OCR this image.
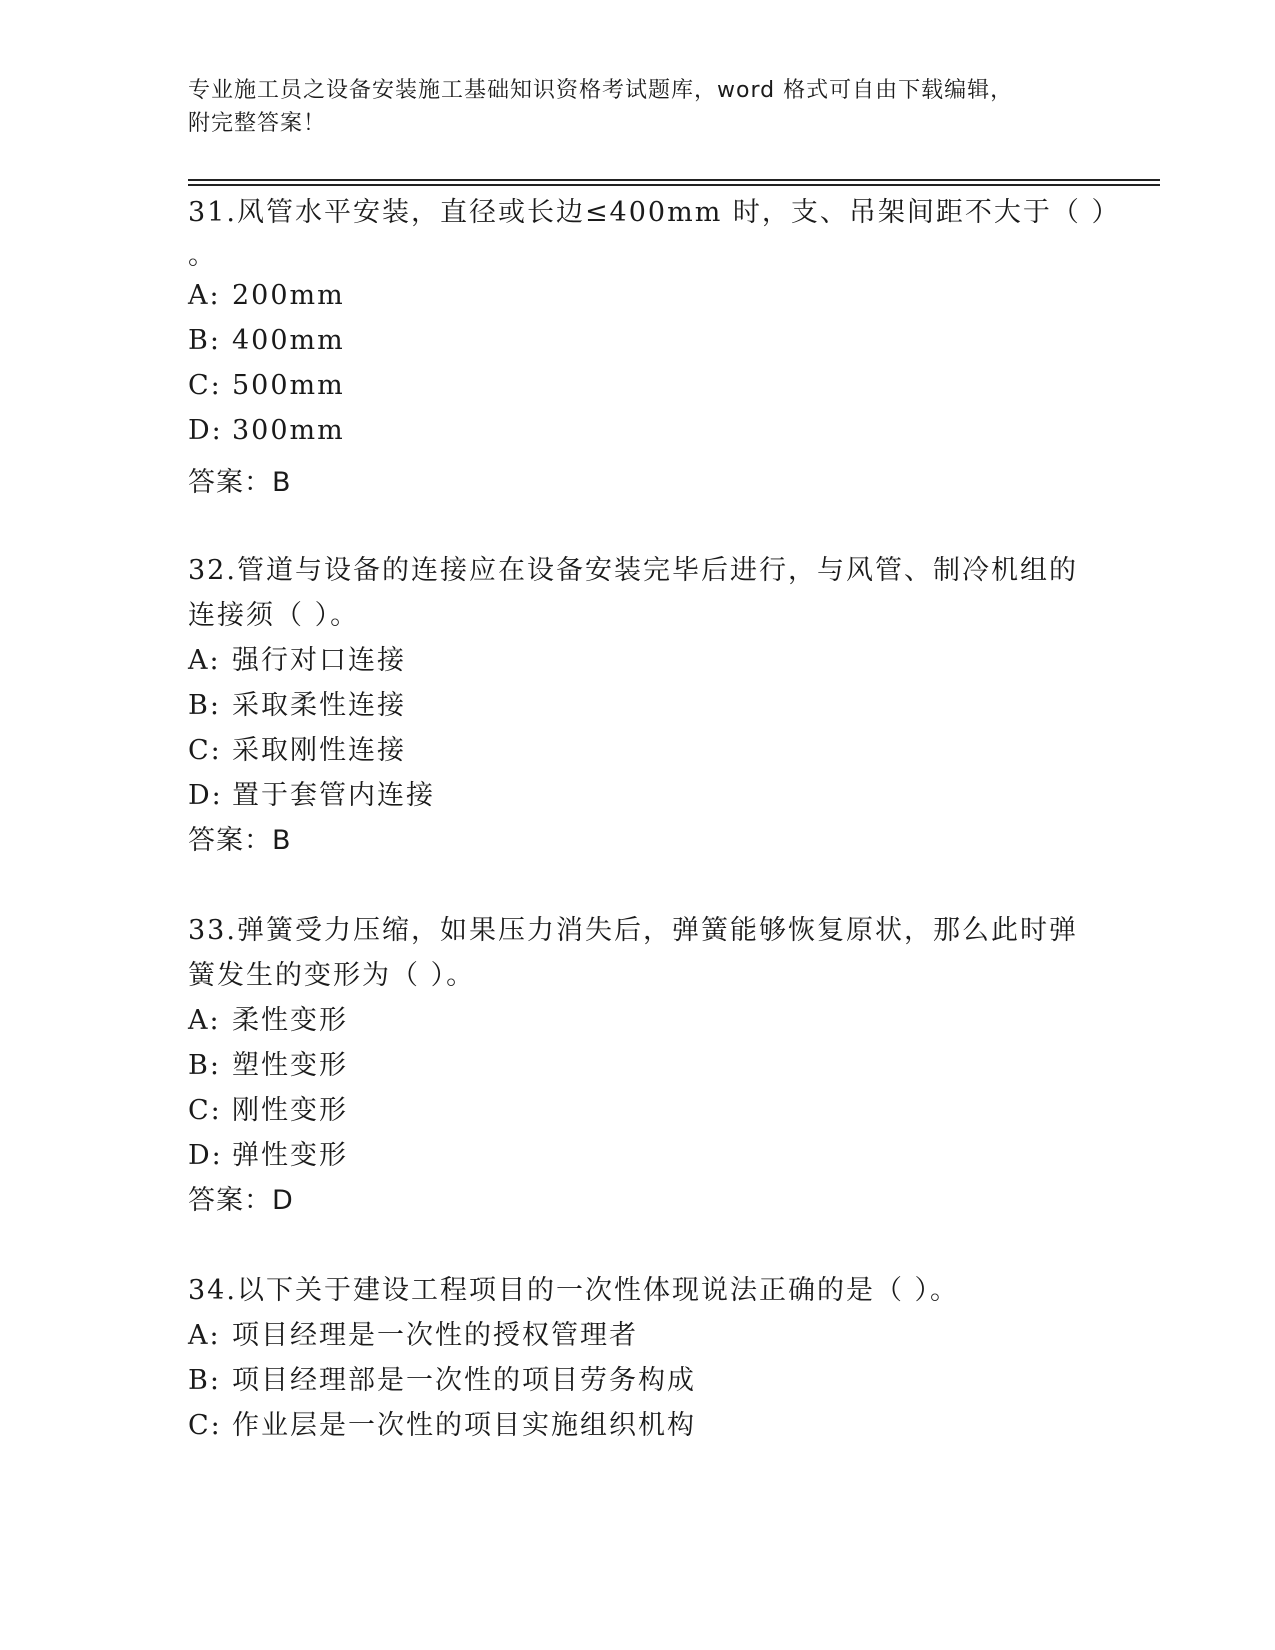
专业施工员之设备安装施工基础知识资格考试题库，word 格式可自由下载编辑，
附完整答案！
31.风管水平安装，直径或长边≤400mm 时，支、吊架间距不大于（ ）
。
A: 200mm
B: 400mm
C: 500mm
D: 300mm
答案：B
32.管道与设备的连接应在设备安装完毕后进行，与风管、制冷机组的
连接须（ ）。
A: 强行对口连接
B: 采取柔性连接
C: 采取刚性连接
D: 置于套管内连接
答案：B
33.弹簧受力压缩，如果压力消失后，弹簧能够恢复原状，那么此时弹
簧发生的变形为（ ）。
A: 柔性变形
B: 塑性变形
C: 刚性变形
D: 弹性变形
答案：D
34.以下关于建设工程项目的一次性体现说法正确的是（ ）。
A: 项目经理是一次性的授权管理者
B: 项目经理部是一次性的项目劳务构成
C: 作业层是一次性的项目实施组织机构
